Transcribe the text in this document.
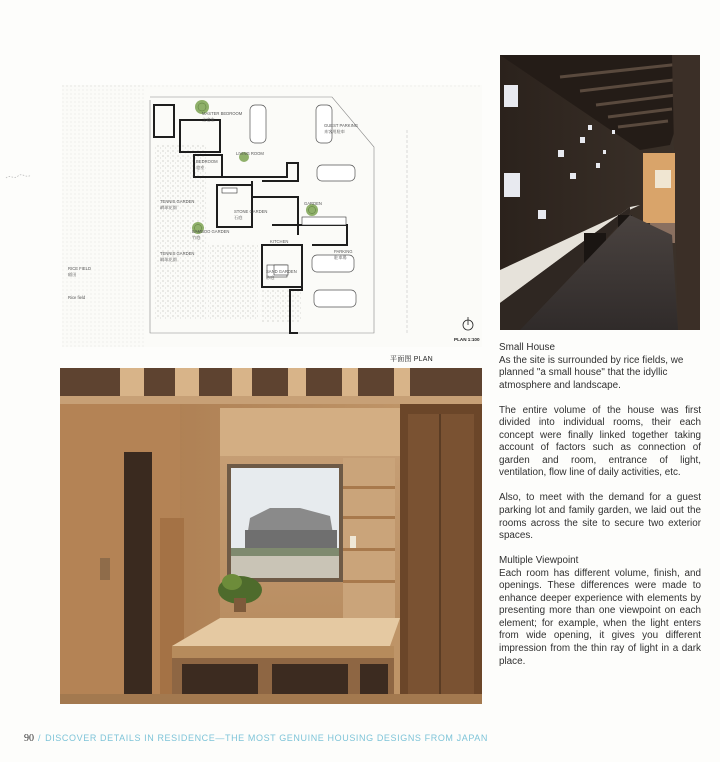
MASTER BEDROOM
主寝室
GUEST PARKING
来客用駐車
BEDROOM
寝室
LIVING ROOM
TENNIS GARDEN
網球花園
STONE GARDEN
石庭
GARDEN
BAMBOO GARDEN
竹庭
TENNIS GARDEN
網球花園
KITCHEN
SAND GARDEN
砂庭
PARKING
駐車場
RICE FIELD
稲田
Rice field
PLAN 1:100
平面图 PLAN
Small House

As the site is surrounded by rice fields, we planned "a small house" that the idyllic atmosphere and landscape.

The entire volume of the house was first divided into individual rooms, their each concept were finally linked together taking account of factors such as connection of garden and room, entrance of light, ventilation, flow line of daily activities, etc.

Also, to meet with the demand for a guest parking lot and family garden, we laid out the rooms across the site to secure two exterior spaces.

Multiple Viewpoint

Each room has different volume, finish, and openings. These differences were made to enhance deeper experience with elements by presenting more than one viewpoint on each element; for example, when the light enters from wide opening, it gives you different impression from the thin ray of light in a dark place.

90 / DISCOVER DETAILS IN RESIDENCE—THE MOST GENUINE HOUSING DESIGNS FROM JAPAN
